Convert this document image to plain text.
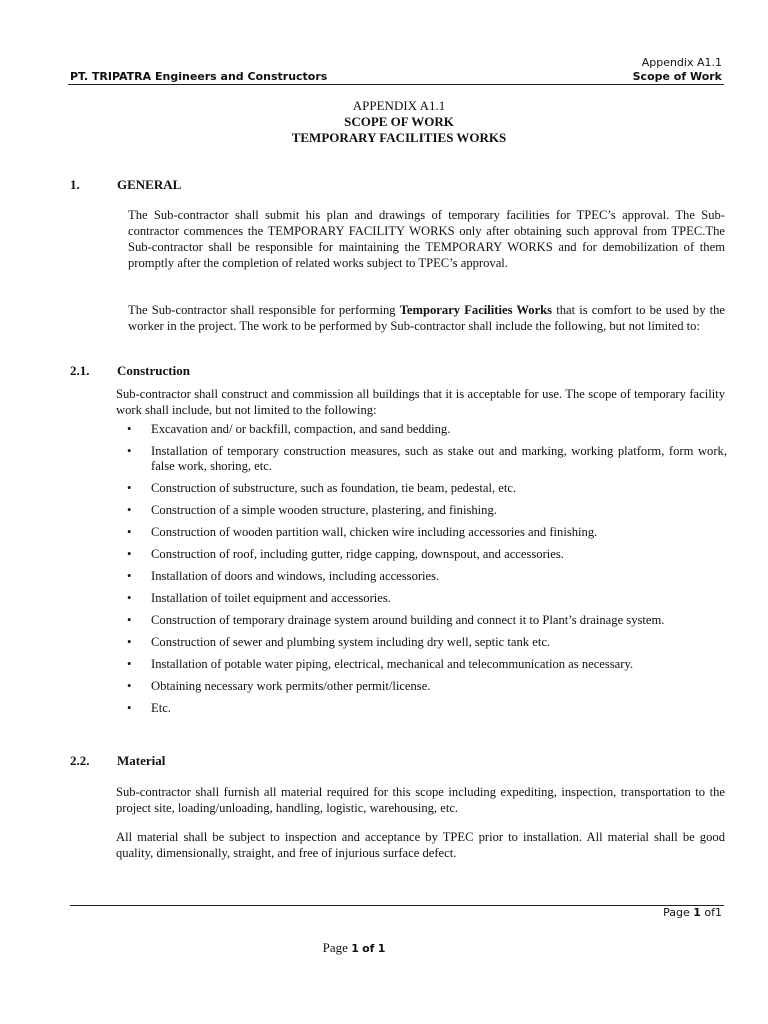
Appendix A1.1
PT. TRIPATRA Engineers and Constructors	Scope of Work
APPENDIX A1.1
SCOPE OF WORK
TEMPORARY FACILITIES WORKS
1.	GENERAL

The Sub-contractor shall submit his plan and drawings of temporary facilities for TPEC’s approval. The Sub-contractor commences the TEMPORARY FACILITY WORKS only after obtaining such approval from TPEC.The Sub-contractor shall be responsible for maintaining the TEMPORARY WORKS and for demobilization of them promptly after the completion of related works subject to TPEC’s approval.

The Sub-contractor shall responsible for performing Temporary Facilities Works that is comfort to be used by the worker in the project. The work to be performed by Sub-contractor shall include the following, but not limited to:

2.1. Construction

Sub-contractor shall construct and commission all buildings that it is acceptable for use. The scope of temporary facility work shall include, but not limited to the following:

• Excavation and/ or backfill, compaction, and sand bedding.
• Installation of temporary construction measures, such as stake out and marking, working platform, form work, false work, shoring, etc.
• Construction of substructure, such as foundation, tie beam, pedestal, etc.
• Construction of a simple wooden structure, plastering, and finishing.
• Construction of wooden partition wall, chicken wire including accessories and finishing.
• Construction of roof, including gutter, ridge capping, downspout, and accessories.
• Installation of doors and windows, including accessories.
• Installation of toilet equipment and accessories.
• Construction of temporary drainage system around building and connect it to Plant’s drainage system.
• Construction of sewer and plumbing system including dry well, septic tank etc.
• Installation of potable water piping, electrical, mechanical and telecommunication as necessary.
• Obtaining necessary work permits/other permit/license.
• Etc.
2.2. Material

Sub-contractor shall furnish all material required for this scope including expediting, inspection, transportation to the project site, loading/unloading, handling, logistic, warehousing, etc.

All material shall be subject to inspection and acceptance by TPEC prior to installation. All material shall be good quality, dimensionally, straight, and free of injurious surface defect.

Page 1 of1
Page 1 of 1
